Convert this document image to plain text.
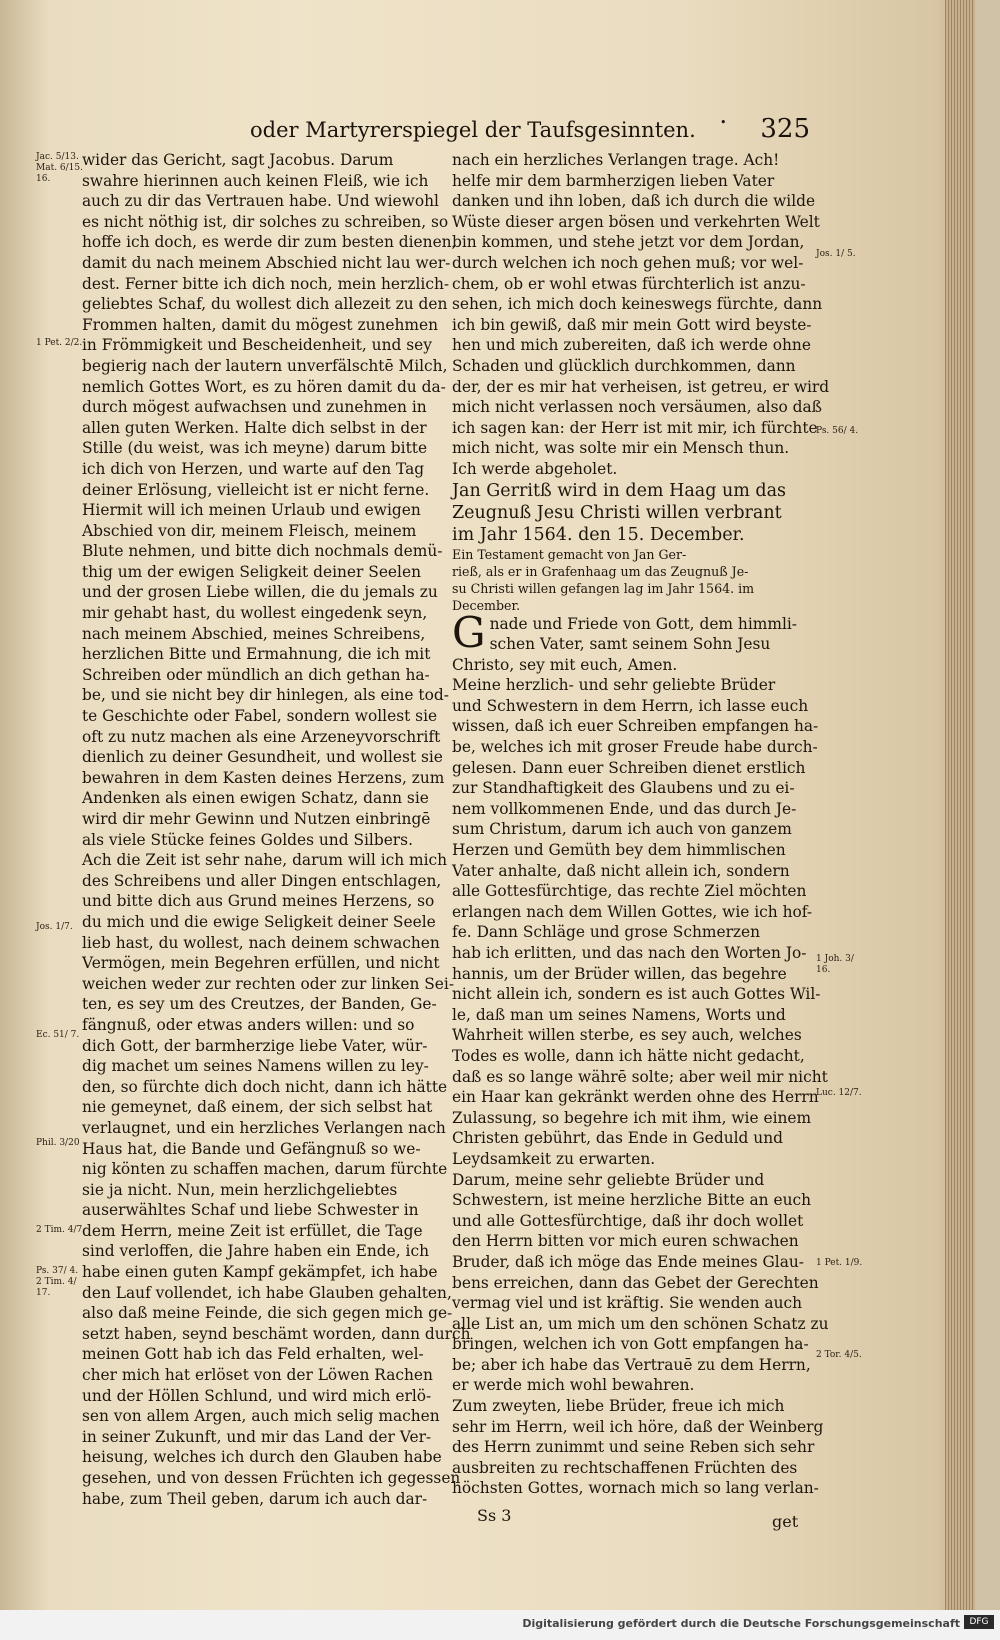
oder Martyrerspiegel der Taufsgesinnten. • 325

wider das Gericht, sagt Jacobus. Darum

swahre hierinnen auch keinen Fleiß, wie ich

auch zu dir das Vertrauen habe. Und wiewohl

es nicht nöthig ist, dir solches zu schreiben, so

hoffe ich doch, es werde dir zum besten dienen,

damit du nach meinem Abschied nicht lau wer-

dest. Ferner bitte ich dich noch, mein herzlich-

geliebtes Schaf, du wollest dich allezeit zu den

Frommen halten, damit du mögest zunehmen

in Frömmigkeit und Bescheidenheit, und sey

begierig nach der lautern unverfälschtē Milch,

nemlich Gottes Wort, es zu hören damit du da-

durch mögest aufwachsen und zunehmen in

allen guten Werken. Halte dich selbst in der

Stille (du weist, was ich meyne) darum bitte

ich dich von Herzen, und warte auf den Tag

deiner Erlösung, vielleicht ist er nicht ferne.

Hiermit will ich meinen Urlaub und ewigen

Abschied von dir, meinem Fleisch, meinem

Blute nehmen, und bitte dich nochmals demü-

thig um der ewigen Seligkeit deiner Seelen

und der grosen Liebe willen, die du jemals zu

mir gehabt hast, du wollest eingedenk seyn,

nach meinem Abschied, meines Schreibens,

herzlichen Bitte und Ermahnung, die ich mit

Schreiben oder mündlich an dich gethan ha-

be, und sie nicht bey dir hinlegen, als eine tod-

te Geschichte oder Fabel, sondern wollest sie

oft zu nutz machen als eine Arzeneyvorschrift

dienlich zu deiner Gesundheit, und wollest sie

bewahren in dem Kasten deines Herzens, zum

Andenken als einen ewigen Schatz, dann sie

wird dir mehr Gewinn und Nutzen einbringē

als viele Stücke feines Goldes und Silbers.

Ach die Zeit ist sehr nahe, darum will ich mich

des Schreibens und aller Dingen entschlagen,

und bitte dich aus Grund meines Herzens, so

du mich und die ewige Seligkeit deiner Seele

lieb hast, du wollest, nach deinem schwachen

Vermögen, mein Begehren erfüllen, und nicht

weichen weder zur rechten oder zur linken Sei-

ten, es sey um des Creutzes, der Banden, Ge-

fängnuß, oder etwas anders willen: und so

dich Gott, der barmherzige liebe Vater, wür-

dig machet um seines Namens willen zu ley-

den, so fürchte dich doch nicht, dann ich hätte

nie gemeynet, daß einem, der sich selbst hat

verlaugnet, und ein herzliches Verlangen nach

Haus hat, die Bande und Gefängnuß so we-

nig könten zu schaffen machen, darum fürchte

sie ja nicht. Nun, mein herzlichgeliebtes

auserwähltes Schaf und liebe Schwester in

dem Herrn, meine Zeit ist erfüllet, die Tage

sind verloffen, die Jahre haben ein Ende, ich

habe einen guten Kampf gekämpfet, ich habe

den Lauf vollendet, ich habe Glauben gehalten,

also daß meine Feinde, die sich gegen mich ge-

setzt haben, seynd beschämt worden, dann durch

meinen Gott hab ich das Feld erhalten, wel-

cher mich hat erlöset von der Löwen Rachen

und der Höllen Schlund, und wird mich erlö-

sen von allem Argen, auch mich selig machen

in seiner Zukunft, und mir das Land der Ver-

heisung, welches ich durch den Glauben habe

gesehen, und von dessen Früchten ich gegessen

habe, zum Theil geben, darum ich auch dar-

nach ein herzliches Verlangen trage. Ach!

helfe mir dem barmherzigen lieben Vater

danken und ihn loben, daß ich durch die wilde

Wüste dieser argen bösen und verkehrten Welt

bin kommen, und stehe jetzt vor dem Jordan,

durch welchen ich noch gehen muß; vor wel-

chem, ob er wohl etwas fürchterlich ist anzu-

sehen, ich mich doch keineswegs fürchte, dann

ich bin gewiß, daß mir mein Gott wird beyste-

hen und mich zubereiten, daß ich werde ohne

Schaden und glücklich durchkommen, dann

der, der es mir hat verheisen, ist getreu, er wird

mich nicht verlassen noch versäumen, also daß

ich sagen kan: der Herr ist mit mir, ich fürchte

mich nicht, was solte mir ein Mensch thun.

Ich werde abgeholet.

Jan Gerritß wird in dem Haag um das

Zeugnuß Jesu Christi willen verbrant

im Jahr 1564. den 15. December.

Ein Testament gemacht von Jan Ger-

rieß, als er in Grafenhaag um das Zeugnuß Je-

su Christi willen gefangen lag im Jahr 1564. im

December.

G nade und Friede von Gott, dem himmli-

schen Vater, samt seinem Sohn Jesu

Christo, sey mit euch, Amen.

Meine herzlich- und sehr geliebte Brüder

und Schwestern in dem Herrn, ich lasse euch

wissen, daß ich euer Schreiben empfangen ha-

be, welches ich mit groser Freude habe durch-

gelesen. Dann euer Schreiben dienet erstlich

zur Standhaftigkeit des Glaubens und zu ei-

nem vollkommenen Ende, und das durch Je-

sum Christum, darum ich auch von ganzem

Herzen und Gemüth bey dem himmlischen

Vater anhalte, daß nicht allein ich, sondern

alle Gottesfürchtige, das rechte Ziel möchten

erlangen nach dem Willen Gottes, wie ich hof-

fe. Dann Schläge und grose Schmerzen

hab ich erlitten, und das nach den Worten Jo-

hannis, um der Brüder willen, das begehre

nicht allein ich, sondern es ist auch Gottes Wil-

le, daß man um seines Namens, Worts und

Wahrheit willen sterbe, es sey auch, welches

Todes es wolle, dann ich hätte nicht gedacht,

daß es so lange währē solte; aber weil mir nicht

ein Haar kan gekränkt werden ohne des Herrn

Zulassung, so begehre ich mit ihm, wie einem

Christen gebührt, das Ende in Geduld und

Leydsamkeit zu erwarten.

Darum, meine sehr geliebte Brüder und

Schwestern, ist meine herzliche Bitte an euch

und alle Gottesfürchtige, daß ihr doch wollet

den Herrn bitten vor mich euren schwachen

Bruder, daß ich möge das Ende meines Glau-

bens erreichen, dann das Gebet der Gerechten

vermag viel und ist kräftig. Sie wenden auch

alle List an, um mich um den schönen Schatz zu

bringen, welchen ich von Gott empfangen ha-

be; aber ich habe das Vertrauē zu dem Herrn,

er werde mich wohl bewahren.

Zum zweyten, liebe Brüder, freue ich mich

sehr im Herrn, weil ich höre, daß der Weinberg

des Herrn zunimmt und seine Reben sich sehr

ausbreiten zu rechtschaffenen Früchten des

höchsten Gottes, wornach mich so lang verlan-

Jac. 5/13.
Mat. 6/15.
16.
1 Pet. 2/2.
Jos. 1/7.
Ec. 51/ 7.
Phil. 3/20
2 Tim. 4/7.
Ps. 37/ 4.
2 Tim. 4/
17.
Jos. 1/ 5.
Ps. 56/ 4.
1 Joh. 3/
16.
Luc. 12/7.
1 Pet. 1/9.
2 Tor. 4/5.
Ss 3	get
Digitalisierung gefördert durch die Deutsche Forschungsgemeinschaft	DFG
